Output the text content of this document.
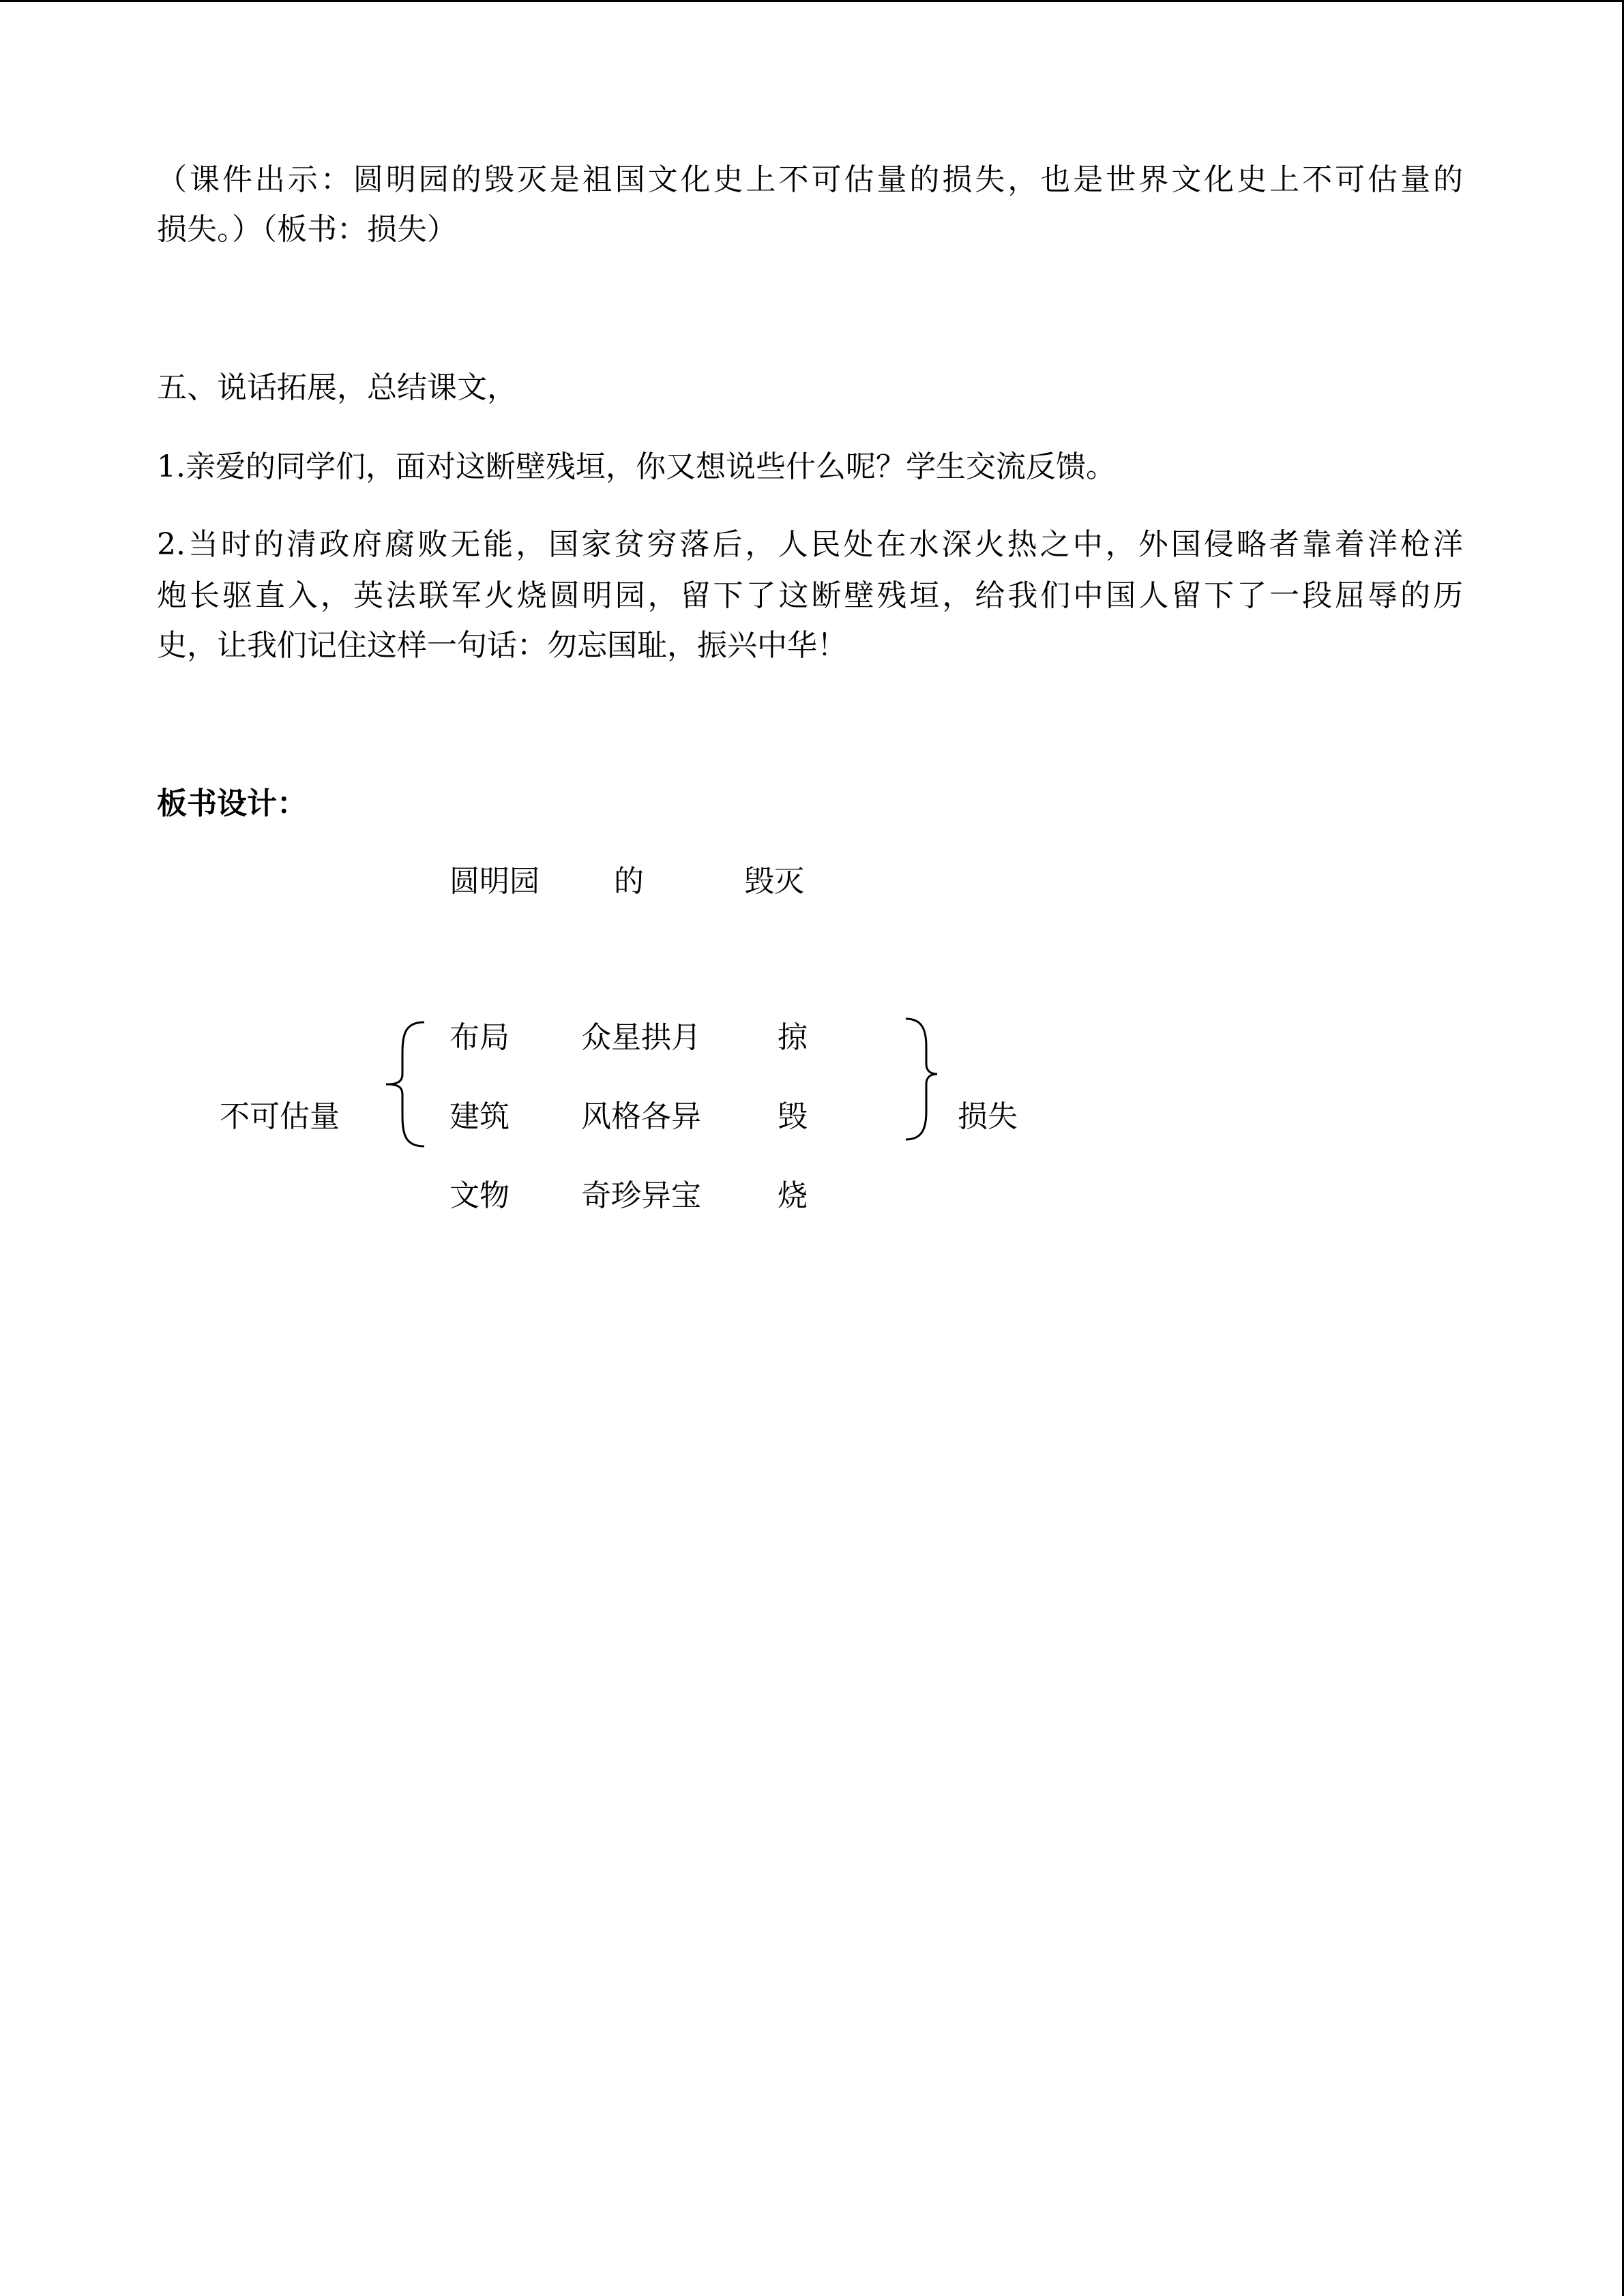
（课件出示：圆明园的毁灭是祖国文化史上不可估量的损失，也是世界文化史上不可估量的
损失。）（板书：损失）
五、说话拓展，总结课文，
1.亲爱的同学们，面对这断壁残垣，你又想说些什么呢？学生交流反馈。
2.当时的清政府腐败无能，国家贫穷落后，人民处在水深火热之中，外国侵略者靠着洋枪洋
炮长驱直入，英法联军火烧圆明园，留下了这断壁残垣，给我们中国人留下了一段屈辱的历
史，让我们记住这样一句话：勿忘国耻，振兴中华！
板书设计：
圆明园 的	毁灭
不可估量
布局 众星拱月	掠
建筑 风格各异	毁
文物 奇珍异宝	烧
损失
